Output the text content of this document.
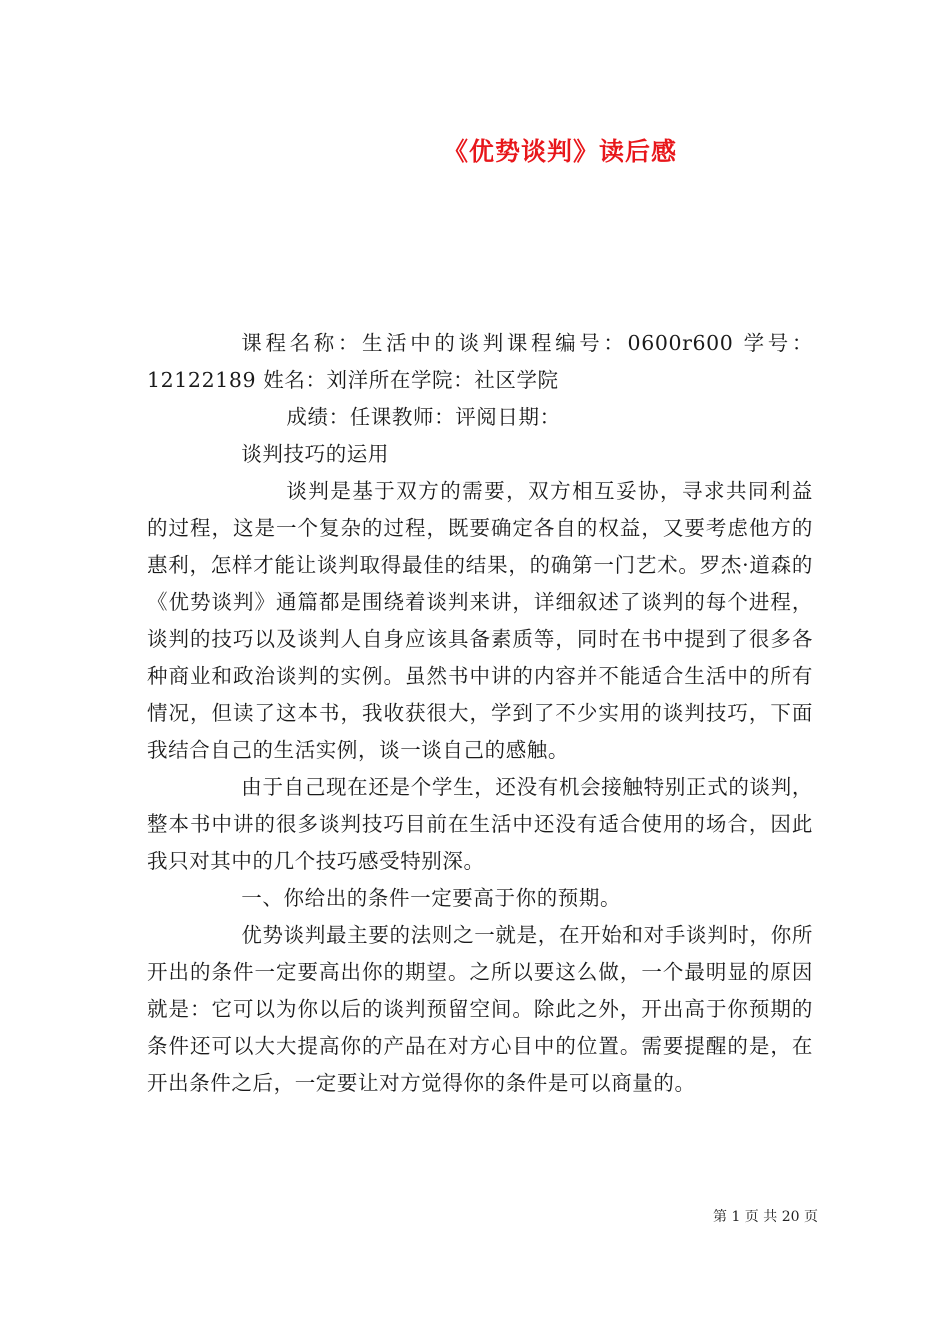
《优势谈判》读后感

课程名称：生活中的谈判课程编号：0600r600 学号：12122189 姓名：刘洋所在学院：社区学院

成绩：任课教师：评阅日期：

谈判技巧的运用

谈判是基于双方的需要，双方相互妥协，寻求共同利益的过程，这是一个复杂的过程，既要确定各自的权益，又要考虑他方的惠利，怎样才能让谈判取得最佳的结果，的确第一门艺术。罗杰·道森的《优势谈判》通篇都是围绕着谈判来讲，详细叙述了谈判的每个进程，谈判的技巧以及谈判人自身应该具备素质等，同时在书中提到了很多各种商业和政治谈判的实例。虽然书中讲的内容并不能适合生活中的所有情况，但读了这本书，我收获很大，学到了不少实用的谈判技巧，下面我结合自己的生活实例，谈一谈自己的感触。

由于自己现在还是个学生，还没有机会接触特别正式的谈判，整本书中讲的很多谈判技巧目前在生活中还没有适合使用的场合，因此我只对其中的几个技巧感受特别深。

一、你给出的条件一定要高于你的预期。

优势谈判最主要的法则之一就是，在开始和对手谈判时，你所开出的条件一定要高出你的期望。之所以要这么做，一个最明显的原因就是：它可以为你以后的谈判预留空间。除此之外，开出高于你预期的条件还可以大大提高你的产品在对方心目中的位置。需要提醒的是，在开出条件之后，一定要让对方觉得你的条件是可以商量的。

第 1 页 共 20 页
